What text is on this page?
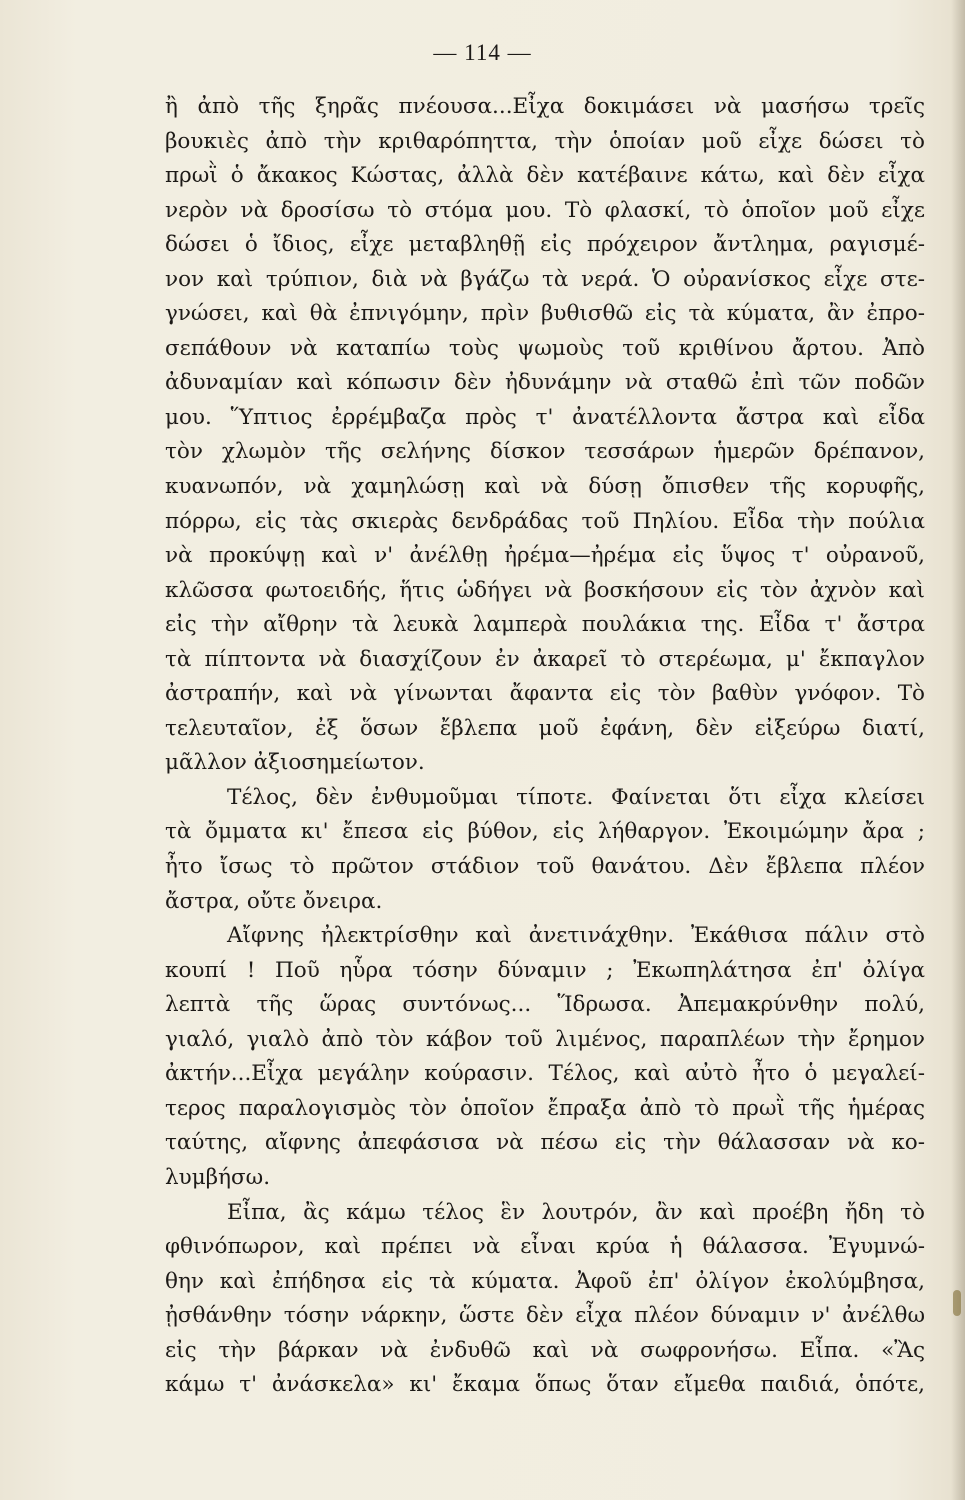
— 114 —

ἢ ἀπὸ τῆς ξηρᾶς πνέουσα...Εἶχα δοκιμάσει νὰ μασήσω τρεῖς
βουκιὲς ἀπὸ τὴν κριθαρόπηττα, τὴν ὁποίαν μοῦ εἶχε δώσει τὸ
πρωῒ ὁ ἄκακος Κώστας, ἀλλὰ δὲν κατέβαινε κάτω, καὶ δὲν εἶχα
νερὸν νὰ δροσίσω τὸ στόμα μου. Τὸ φλασκί, τὸ ὁποῖον μοῦ εἶχε
δώσει ὁ ἴδιος, εἶχε μεταβληθῇ εἰς πρόχειρον ἄντλημα, ραγισμέ-
νον καὶ τρύπιον, διὰ νὰ βγάζω τὰ νερά. Ὁ οὐρανίσκος εἶχε στε-
γνώσει, καὶ θὰ ἐπνιγόμην, πρὶν βυθισθῶ εἰς τὰ κύματα, ἂν ἐπρο-
σεπάθουν νὰ καταπίω τοὺς ψωμοὺς τοῦ κριθίνου ἄρτου. Ἀπὸ
ἀδυναμίαν καὶ κόπωσιν δὲν ἠδυνάμην νὰ σταθῶ ἐπὶ τῶν ποδῶν
μου. Ὕπτιος ἐρρέμβαζα πρὸς τ' ἀνατέλλοντα ἄστρα καὶ εἶδα
τὸν χλωμὸν τῆς σελήνης δίσκον τεσσάρων ἡμερῶν δρέπανον,
κυανωπόν, νὰ χαμηλώσῃ καὶ νὰ δύσῃ ὄπισθεν τῆς κορυφῆς,
πόρρω, εἰς τὰς σκιερὰς δενδράδας τοῦ Πηλίου. Εἶδα τὴν πούλια
νὰ προκύψῃ καὶ ν' ἀνέλθῃ ἠρέμα—ἠρέμα εἰς ὕψος τ' οὐρανοῦ,
κλῶσσα φωτοειδής, ἥτις ὡδήγει νὰ βοσκήσουν εἰς τὸν ἀχνὸν καὶ
εἰς τὴν αἴθρην τὰ λευκὰ λαμπερὰ πουλάκια της. Εἶδα τ' ἄστρα
τὰ πίπτοντα νὰ διασχίζουν ἐν ἀκαρεῖ τὸ στερέωμα, μ' ἔκπαγλον
ἀστραπήν, καὶ νὰ γίνωνται ἄφαντα εἰς τὸν βαθὺν γνόφον. Τὸ
τελευταῖον, ἐξ ὅσων ἔβλεπα μοῦ ἐφάνη, δὲν εἰξεύρω διατί,
μᾶλλον ἀξιοσημείωτον.

Τέλος, δὲν ἐνθυμοῦμαι τίποτε. Φαίνεται ὅτι εἶχα κλείσει
τὰ ὄμματα κι' ἔπεσα εἰς βύθον, εἰς λήθαργον. Ἐκοιμώμην ἄρα ;
ἦτο ἴσως τὸ πρῶτον στάδιον τοῦ θανάτου. Δὲν ἔβλεπα πλέον
ἄστρα, οὔτε ὄνειρα.

Αἴφνης ἠλεκτρίσθην καὶ ἀνετινάχθην. Ἐκάθισα πάλιν στὸ
κουπί ! Ποῦ ηὗρα τόσην δύναμιν ; Ἐκωπηλάτησα ἐπ' ὀλίγα
λεπτὰ τῆς ὥρας συντόνως... Ἵδρωσα. Ἀπεμακρύνθην πολύ,
γιαλό, γιαλὸ ἀπὸ τὸν κάβον τοῦ λιμένος, παραπλέων τὴν ἔρημον
ἀκτήν...Εἶχα μεγάλην κούρασιν. Τέλος, καὶ αὐτὸ ἦτο ὁ μεγαλεί-
τερος παραλογισμὸς τὸν ὁποῖον ἔπραξα ἀπὸ τὸ πρωῒ τῆς ἡμέρας
ταύτης, αἴφνης ἀπεφάσισα νὰ πέσω εἰς τὴν θάλασσαν νὰ κο-
λυμβήσω.

Εἶπα, ἂς κάμω τέλος ἓν λουτρόν, ἂν καὶ προέβη ἤδη τὸ
φθινόπωρον, καὶ πρέπει νὰ εἶναι κρύα ἡ θάλασσα. Ἐγυμνώ-
θην καὶ ἐπήδησα εἰς τὰ κύματα. Ἀφοῦ ἐπ' ὀλίγον ἐκολύμβησα,
ᾐσθάνθην τόσην νάρκην, ὥστε δὲν εἶχα πλέον δύναμιν ν' ἀνέλθω
εἰς τὴν βάρκαν νὰ ἐνδυθῶ καὶ νὰ σωφρονήσω. Εἶπα. «Ἂς
κάμω τ' ἀνάσκελα» κι' ἔκαμα ὅπως ὅταν εἴμεθα παιδιά, ὁπότε,
